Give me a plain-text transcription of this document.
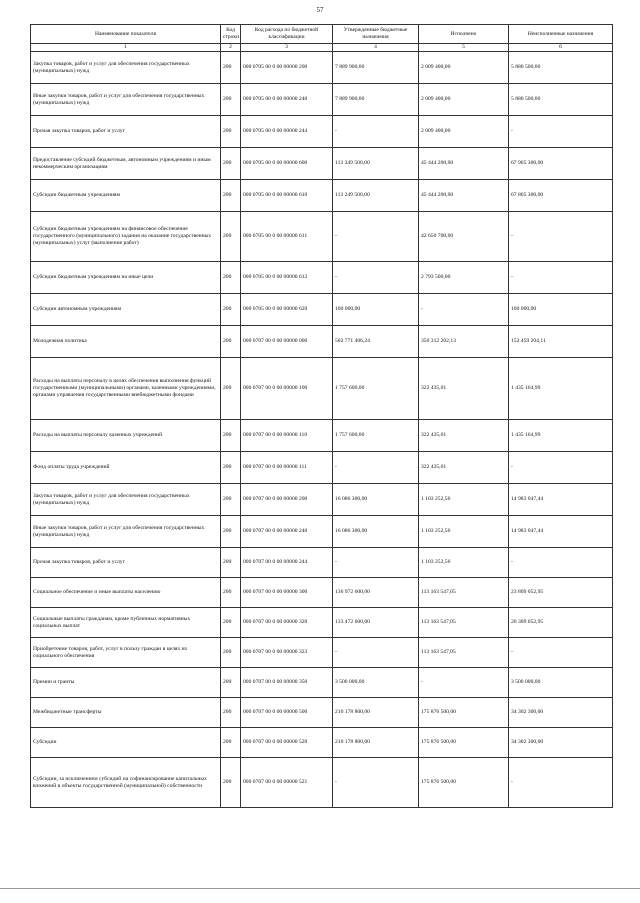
57
Наименование показателя	Код строки	Код расхода по бюджетной классификации	Утвержденные бюджетные назначения	Исполнено	Неисполненные назначения
1	2	3	4	5	6
Закупка товаров, работ и услуг для обеспечения государственных (муниципальных) нужд	200	000 0705 00 0 00 00000 200	7 889 900,00	2 009 400,00	5 880 500,00
Иные закупки товаров, работ и услуг для обеспечения государственных (муниципальных) нужд	200	000 0705 00 0 00 00000 240	7 889 900,00	2 009 400,00	5 880 500,00
Прочая закупка товаров, работ и услуг	200	000 0705 00 0 00 00000 244	-	2 009 400,00	-
Предоставление субсидий бюджетным, автономным учреждениям и иным некоммерческим организациям	200	000 0705 00 0 00 00000 600	113 349 500,00	45 444 200,00	67 905 300,00
Субсидии бюджетным учреждениям	200	000 0705 00 0 00 00000 610	113 249 500,00	45 444 200,00	67 805 300,00
Субсидии бюджетным учреждениям на финансовое обеспечение государственного (муниципального) задания на оказание государственных (муниципальных) услуг (выполнение работ)	200	000 0705 00 0 00 00000 611	-	42 650 700,00	-
Субсидии бюджетным учреждениям на иные цели	200	000 0705 00 0 00 00000 612	-	2 793 500,00	-
Субсидии автономным учреждениям	200	000 0705 00 0 00 00000 620	100 000,00	-	100 000,00
Молодежная политика	200	000 0707 00 0 00 00000 000	502 771 406,24	350 312 202,13	152 459 204,11
Расходы на выплаты персоналу в целях обеспечения выполнения функций государственными (муниципальными) органами, казенными учреждениями, органами управления государственными внебюджетными фондами	200	000 0707 00 0 00 00000 100	1 757 600,00	322 435,01	1 435 164,99
Расходы на выплаты персоналу казенных учреждений	200	000 0707 00 0 00 00000 110	1 757 600,00	322 435,01	1 435 164,99
Фонд оплаты труда учреждений	200	000 0707 00 0 00 00000 111	-	322 435,01	-
Закупка товаров, работ и услуг для обеспечения государственных (муниципальных) нужд	200	000 0707 00 0 00 00000 200	16 086 300,00	1 103 252,56	14 983 047,44
Иные закупки товаров, работ и услуг для обеспечения государственных (муниципальных) нужд	200	000 0707 00 0 00 00000 240	16 086 300,00	1 103 252,56	14 983 047,44
Прочая закупка товаров, работ и услуг	200	000 0707 00 0 00 00000 244	-	1 103 252,56	-
Социальное обеспечение и иные выплаты населению	200	000 0707 00 0 00 00000 300	136 972 600,00	113 163 547,05	23 809 052,95
Социальные выплаты гражданам, кроме публичных нормативных социальных выплат	200	000 0707 00 0 00 00000 320	133 472 600,00	113 163 547,05	20 309 052,95
Приобретение товаров, работ, услуг в пользу граждан в целях их социального обеспечения	200	000 0707 00 0 00 00000 323	-	113 163 547,05	-
Премии и гранты	200	000 0707 00 0 00 00000 350	3 500 000,00	-	3 500 000,00
Межбюджетные трансферты	200	000 0707 00 0 00 00000 500	210 178 800,00	175 876 500,00	34 302 300,00
Субсидии	200	000 0707 00 0 00 00000 520	210 178 800,00	175 876 500,00	34 302 300,00
Субсидии, за исключением субсидий на софинансирование капитальных вложений в объекты государственной (муниципальной) собственности	200	000 0707 00 0 00 00000 521	-	175 876 500,00	-
